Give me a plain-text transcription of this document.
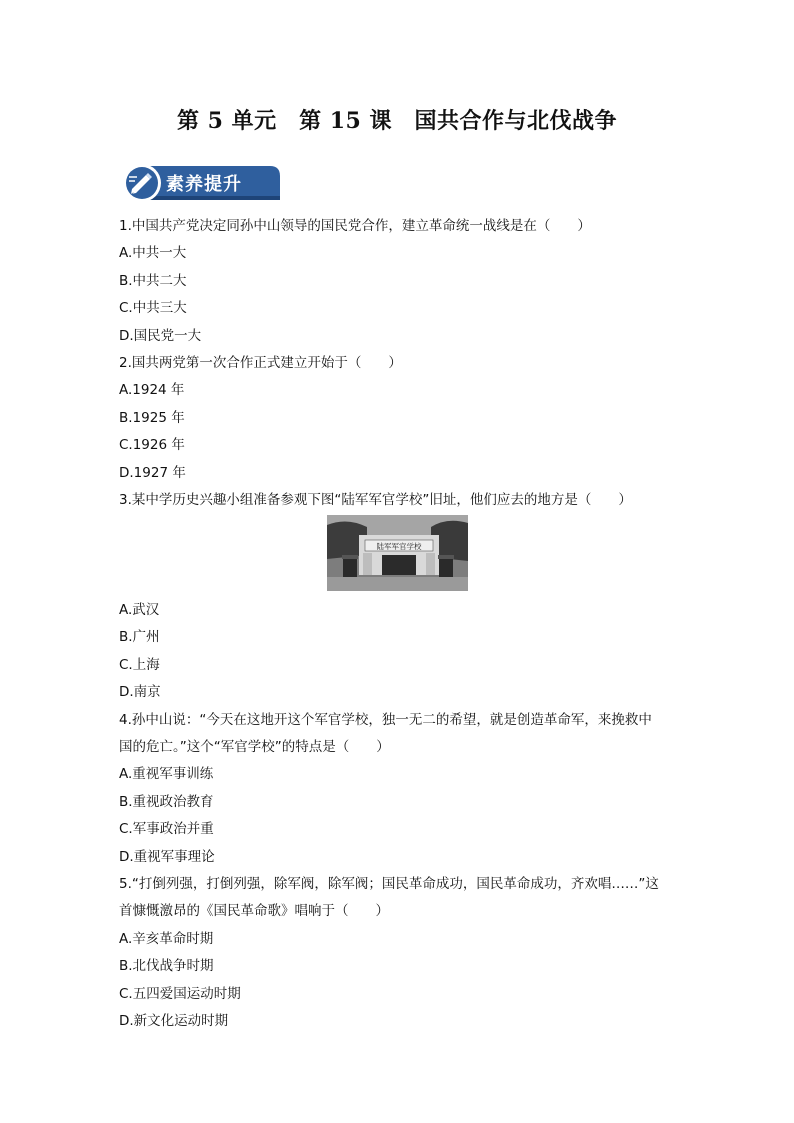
第 5 单元　第 15 课　国共合作与北伐战争
素养提升
1.中国共产党决定同孙中山领导的国民党合作，建立革命统一战线是在（　　）
A.中共一大
B.中共二大
C.中共三大
D.国民党一大
2.国共两党第一次合作正式建立开始于（　　）
A.1924 年
B.1925 年
C.1926 年
D.1927 年
3.某中学历史兴趣小组准备参观下图“陆军军官学校”旧址，他们应去的地方是（　　）
陆军军官学校
A.武汉
B.广州
C.上海
D.南京
4.孙中山说：“今天在这地开这个军官学校，独一无二的希望，就是创造革命军，来挽救中
国的危亡。”这个“军官学校”的特点是（　　）
A.重视军事训练
B.重视政治教育
C.军事政治并重
D.重视军事理论
5.“打倒列强，打倒列强，除军阀，除军阀；国民革命成功，国民革命成功，齐欢唱……”这
首慷慨激昂的《国民革命歌》唱响于（　　）
A.辛亥革命时期
B.北伐战争时期
C.五四爱国运动时期
D.新文化运动时期
